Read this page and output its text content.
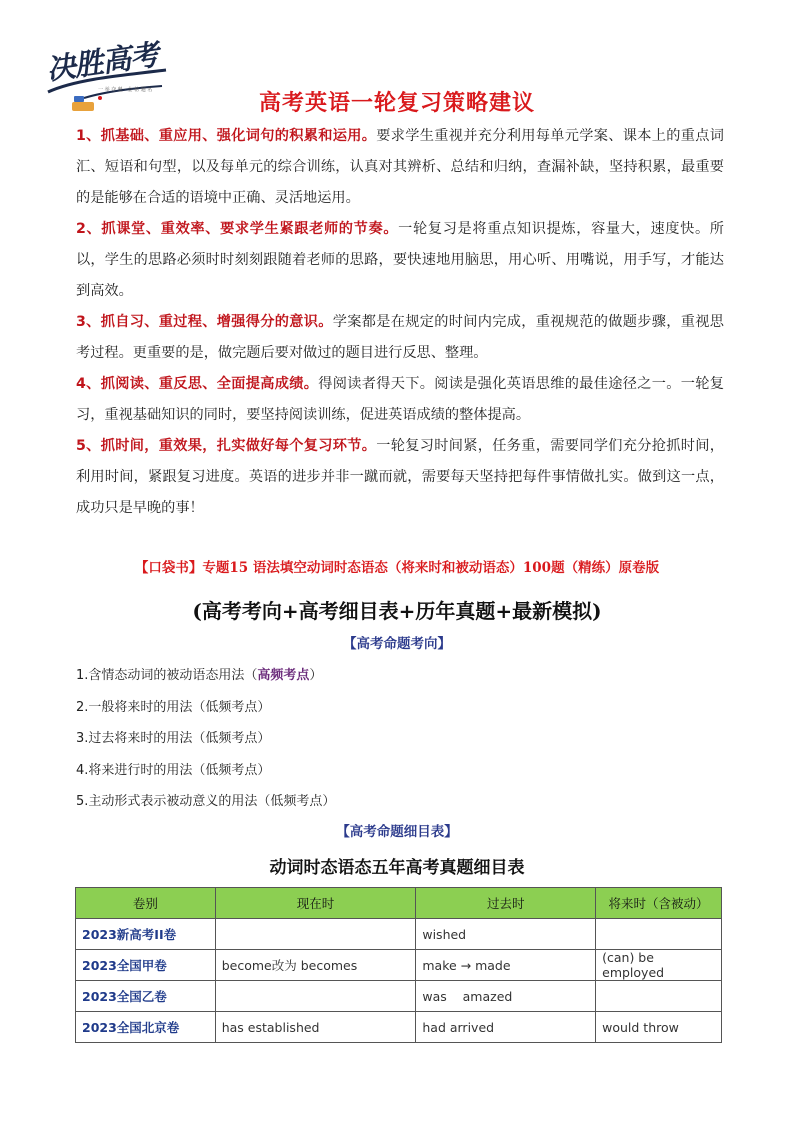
决胜高考
一 举 夺 魁 · 金 榜 题 名
高考英语一轮复习策略建议

1、抓基础、重应用、强化词句的积累和运用。要求学生重视并充分利用每单元学案、课本上的重点词汇、短语和句型，以及每单元的综合训练，认真对其辨析、总结和归纳，查漏补缺，坚持积累，最重要的是能够在合适的语境中正确、灵活地运用。

2、抓课堂、重效率、要求学生紧跟老师的节奏。一轮复习是将重点知识提炼，容量大，速度快。所以，学生的思路必须时时刻刻跟随着老师的思路，要快速地用脑思，用心听、用嘴说，用手写，才能达到高效。

3、抓自习、重过程、增强得分的意识。学案都是在规定的时间内完成，重视规范的做题步骤，重视思考过程。更重要的是，做完题后要对做过的题目进行反思、整理。

4、抓阅读、重反思、全面提高成绩。得阅读者得天下。阅读是强化英语思维的最佳途径之一。一轮复习，重视基础知识的同时，要坚持阅读训练，促进英语成绩的整体提高。

5、抓时间，重效果，扎实做好每个复习环节。一轮复习时间紧，任务重，需要同学们充分抢抓时间，利用时间，紧跟复习进度。英语的进步并非一蹴而就，需要每天坚持把每件事情做扎实。做到这一点，成功只是早晚的事！

【口袋书】专题15 语法填空动词时态语态（将来时和被动语态）100题（精练）原卷版
(高考考向+高考细目表+历年真题+最新模拟)
【高考命题考向】

1.含情态动词的被动语态用法（高频考点）

2.一般将来时的用法（低频考点）

3.过去将来时的用法（低频考点）

4.将来进行时的用法（低频考点）

5.主动形式表示被动意义的用法（低频考点）

【高考命题细目表】
动词时态语态五年高考真题细目表
卷别	现在时	过去时	将来时（含被动）
2023新高考II卷		wished	
2023全国甲卷	become改为 becomes	make → made	(can) be employed
2023全国乙卷		was    amazed	
2023全国北京卷	has established	had arrived	would throw
